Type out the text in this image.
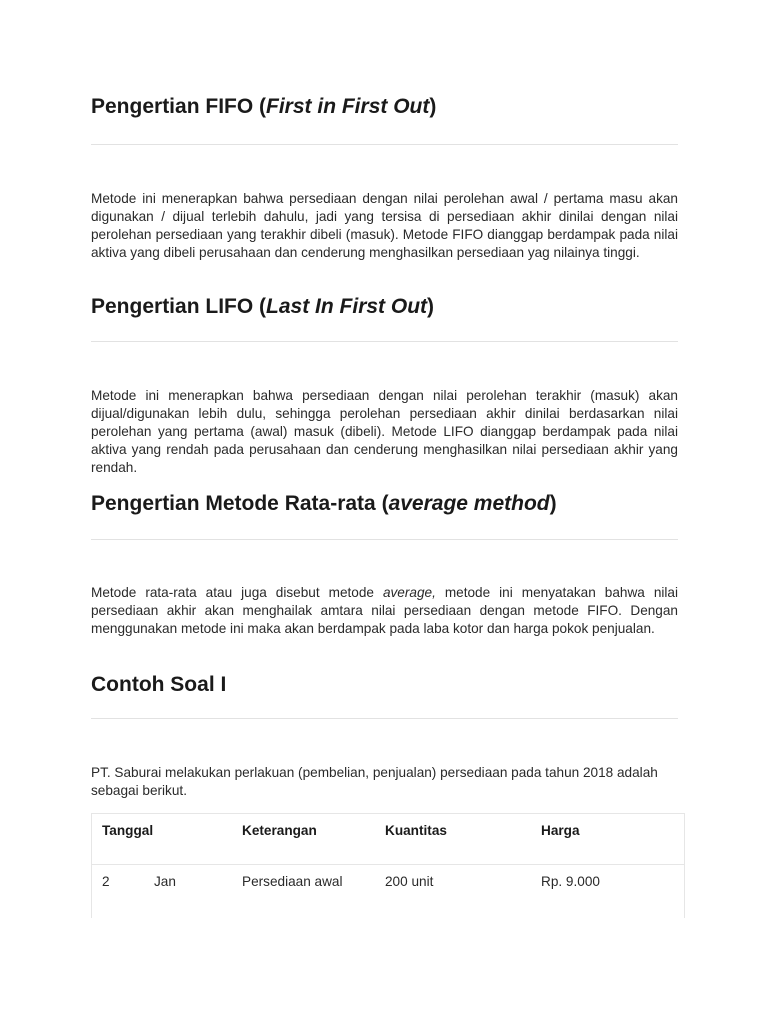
Pengertian FIFO (First in First Out)

Metode ini menerapkan bahwa persediaan dengan nilai perolehan awal / pertama masu akan digunakan / dijual terlebih dahulu, jadi yang tersisa di persediaan akhir dinilai dengan nilai perolehan persediaan yang terakhir dibeli (masuk). Metode FIFO dianggap berdampak pada nilai aktiva yang dibeli perusahaan dan cenderung menghasilkan persediaan yag nilainya tinggi.

Pengertian LIFO (Last In First Out)

Metode ini menerapkan bahwa persediaan dengan nilai perolehan terakhir (masuk) akan dijual/digunakan lebih dulu, sehingga perolehan persediaan akhir dinilai berdasarkan nilai perolehan yang pertama (awal) masuk (dibeli). Metode LIFO dianggap berdampak pada nilai aktiva yang rendah pada perusahaan dan cenderung menghasilkan nilai persediaan akhir yang rendah.

Pengertian Metode Rata-rata (average method)

Metode rata-rata atau juga disebut metode average, metode ini menyatakan bahwa nilai persediaan akhir akan menghailak amtara nilai persediaan dengan metode FIFO. Dengan menggunakan metode ini maka akan berdampak pada laba kotor dan harga pokok penjualan.

Contoh Soal I

PT. Saburai melakukan perlakuan (pembelian, penjualan) persediaan pada tahun 2018 adalah sebagai berikut.

Tanggal	Keterangan	Kuantitas	Harga
2	Jan	Persediaan awal	200 unit	Rp. 9.000
